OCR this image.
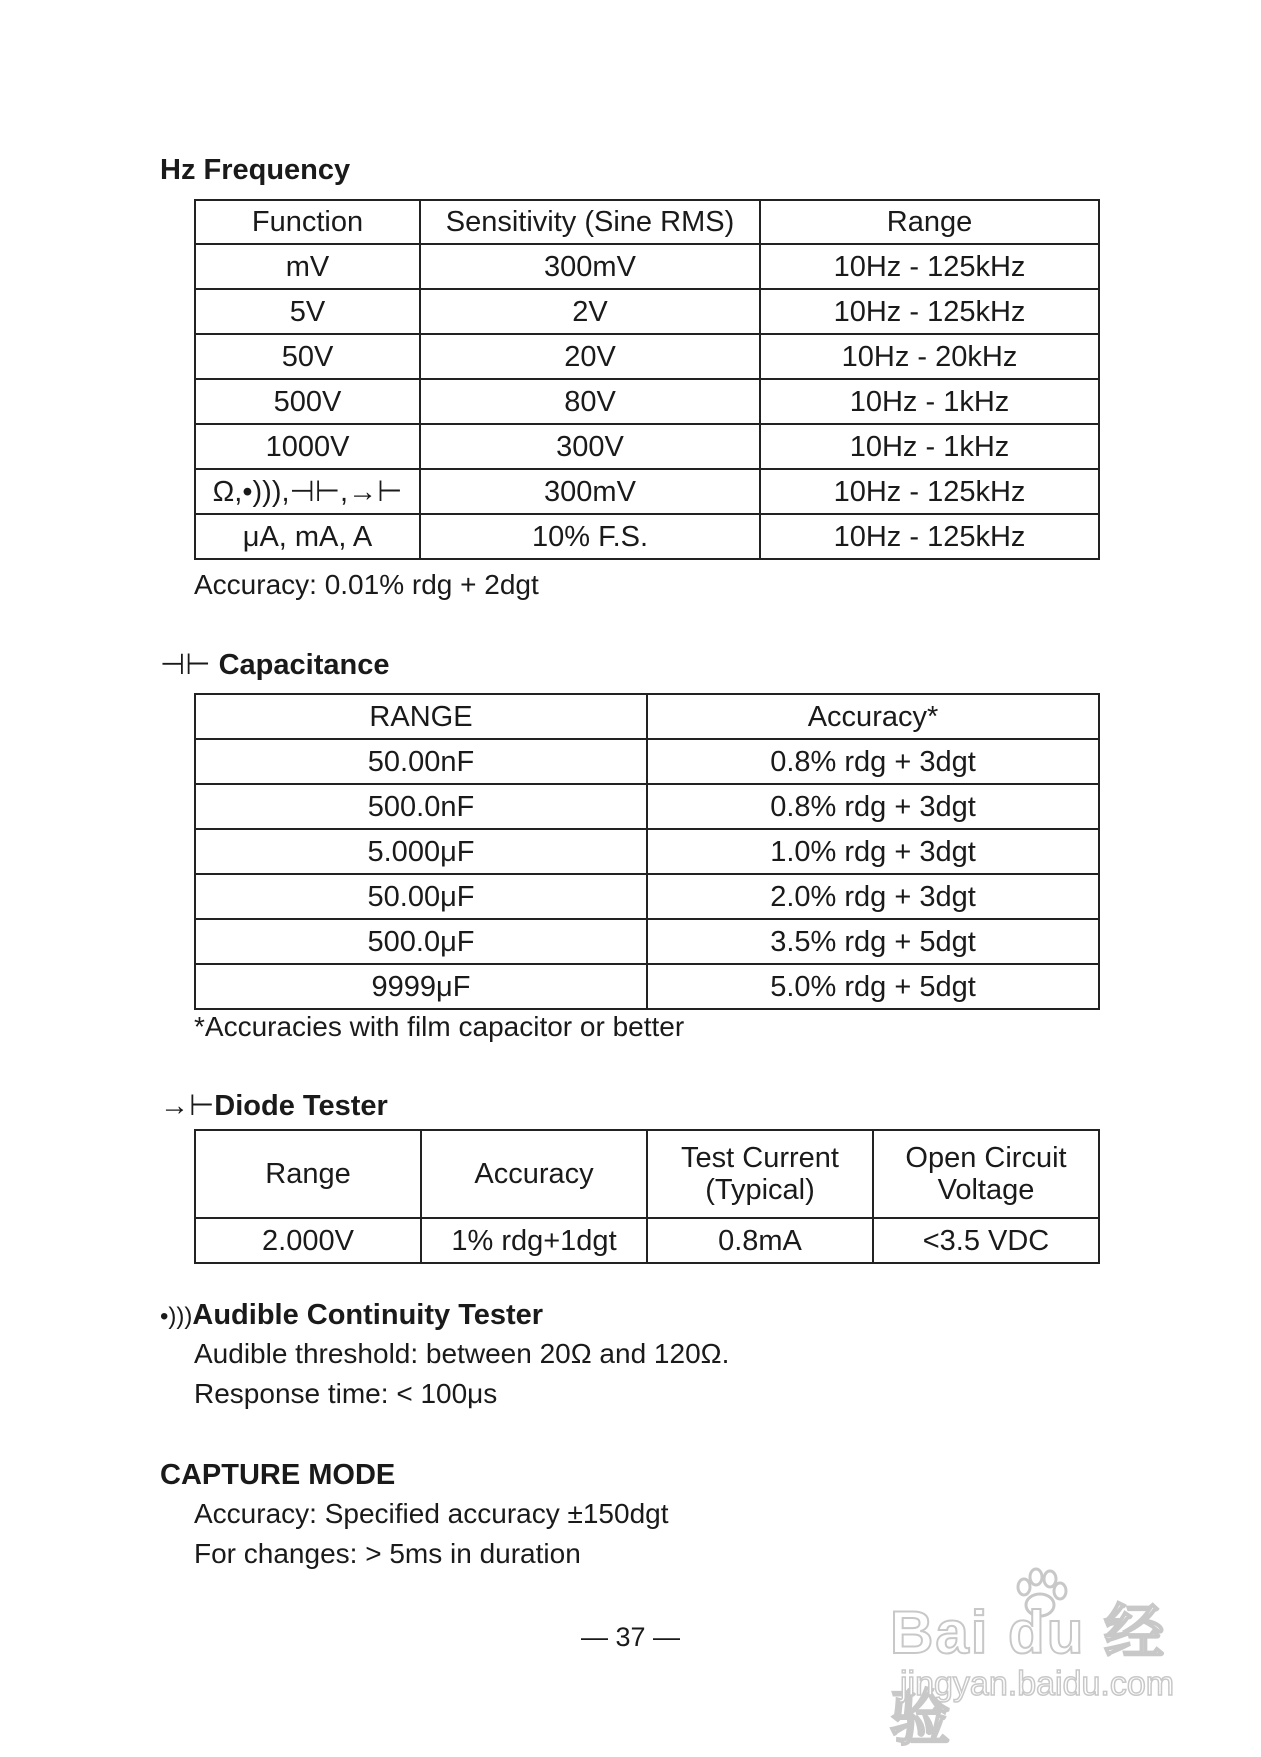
Hz Frequency
Function	Sensitivity (Sine RMS)	Range
mV	300mV	10Hz - 125kHz
5V	2V	10Hz - 125kHz
50V	20V	10Hz - 20kHz
500V	80V	10Hz - 1kHz
1000V	300V	10Hz - 1kHz
Ω,•))),⊣⊢,→⊢	300mV	10Hz - 125kHz
μA, mA, A	10% F.S.	10Hz - 125kHz
Accuracy: 0.01% rdg + 2dgt
⊣⊢ Capacitance
RANGE	Accuracy*
50.00nF	0.8% rdg + 3dgt
500.0nF	0.8% rdg + 3dgt
5.000μF	1.0% rdg + 3dgt
50.00μF	2.0% rdg + 3dgt
500.0μF	3.5% rdg + 5dgt
9999μF	5.0% rdg + 5dgt
*Accuracies with film capacitor or better
→⊢Diode Tester
Range	Accuracy	Test Current (Typical)	Open Circuit Voltage
2.000V	1% rdg+1dgt	0.8mA	<3.5 VDC
•)))Audible Continuity Tester
Audible threshold: between 20Ω and 120Ω.
Response time: < 100μs
CAPTURE MODE
Accuracy: Specified accuracy ±150dgt
For changes: > 5ms in duration
— 37 —	Bai du 经验
jingyan.baidu.com
